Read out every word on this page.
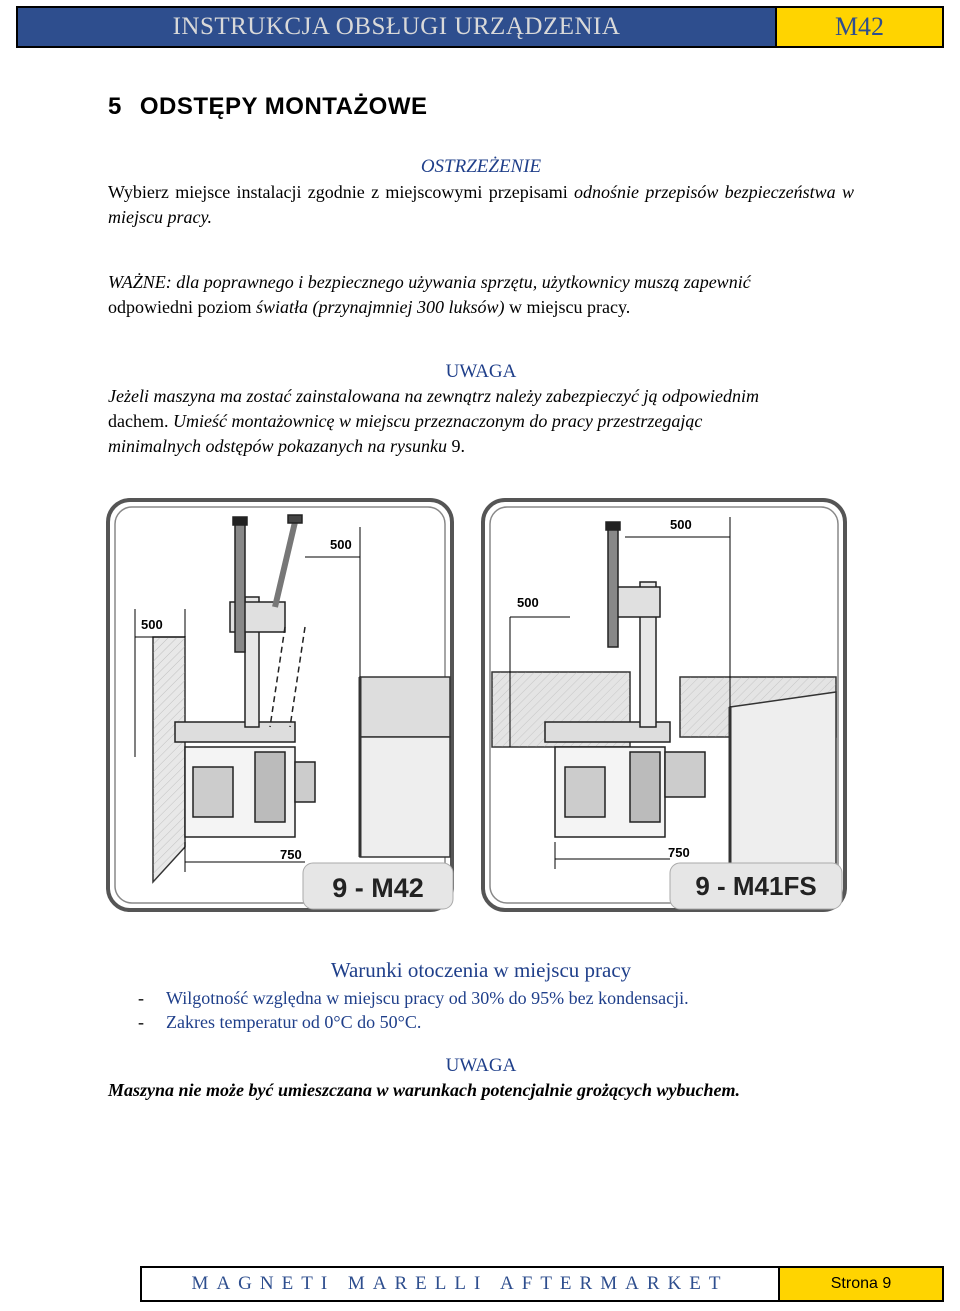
INSTRUKCJA OBSŁUGI URZĄDZENIA	M42
5 ODSTĘPY MONTAŻOWE
OSTRZEŻENIE
Wybierz miejsce instalacji zgodnie z miejscowymi przepisami odnośnie przepisów bezpieczeństwa w miejscu pracy.
WAŻNE: dla poprawnego i bezpiecznego używania sprzętu, użytkownicy muszą zapewnić
odpowiedni poziom światła (przynajmniej 300 luksów) w miejscu pracy.
UWAGA
Jeżeli maszyna ma zostać zainstalowana na zewnątrz należy zabezpieczyć ją odpowiednim
dachem. Umieść montażownicę w miejscu przeznaczonym do pracy przestrzegając
minimalnych odstępów pokazanych na rysunku 9.
500
500
750
9 - M42
500
500
750
9 - M41FS
Warunki otoczenia w miejscu pracy
-	Wilgotność względna w miejscu pracy od 30% do 95% bez kondensacji.
-	Zakres temperatur od 0°C do 50°C.
UWAGA
Maszyna nie może być umieszczana w warunkach potencjalnie grożących wybuchem.
MAGNETI MARELLI AFTERMARKET	Strona 9
